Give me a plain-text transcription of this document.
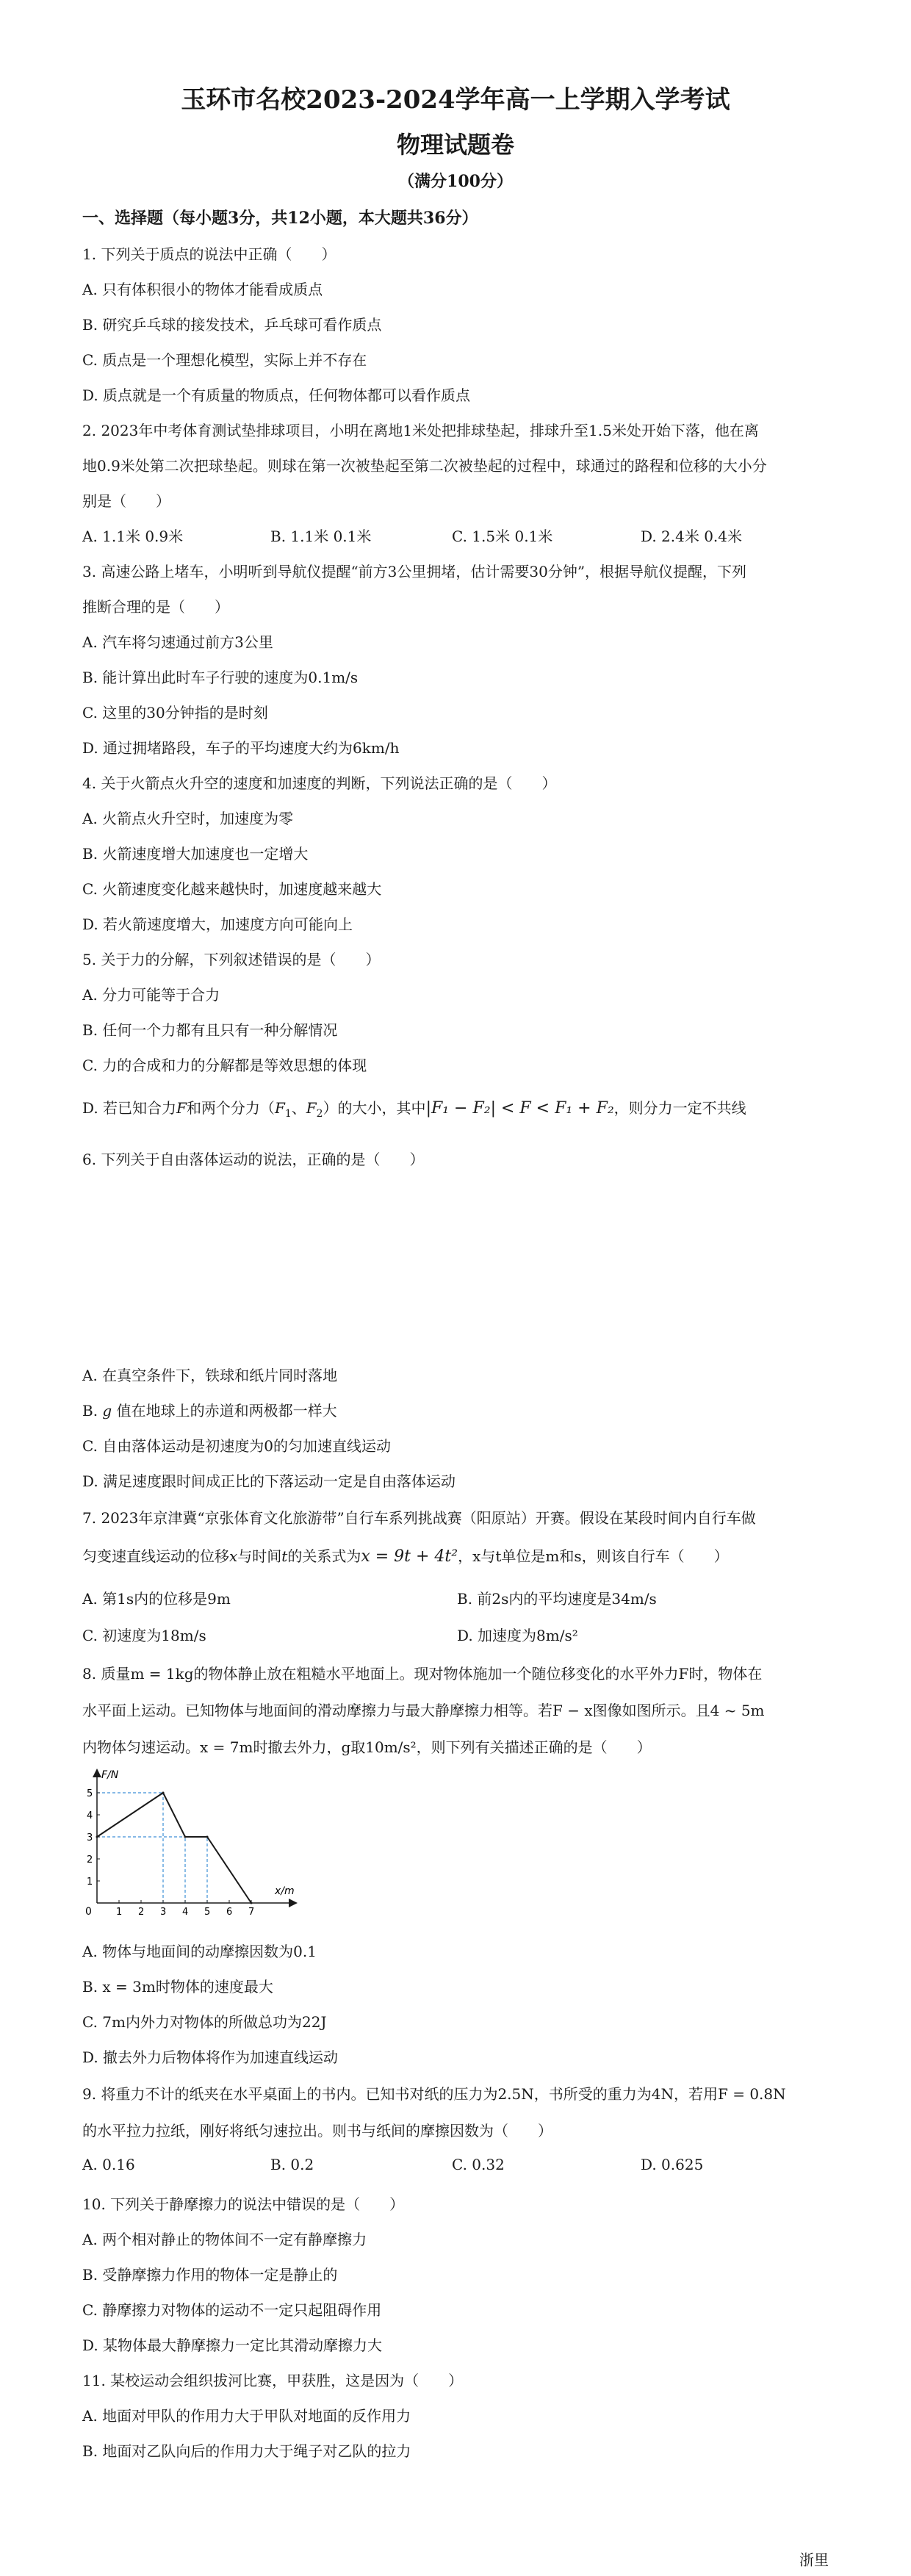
玉环市名校2023-2024学年高一上学期入学考试
物理试题卷
（满分100分）
一、选择题（每小题3分，共12小题，本大题共36分）
1. 下列关于质点的说法中正确（　　）
A. 只有体积很小的物体才能看成质点
B. 研究乒乓球的接发技术，乒乓球可看作质点
C. 质点是一个理想化模型，实际上并不存在
D. 质点就是一个有质量的物质点，任何物体都可以看作质点
2. 2023年中考体育测试垫排球项目，小明在离地1米处把排球垫起，排球升至1.5米处开始下落，他在离
地0.9米处第二次把球垫起。则球在第一次被垫起至第二次被垫起的过程中，球通过的路程和位移的大小分
别是（　　）
A. 1.1米 0.9米	B. 1.1米 0.1米	C. 1.5米 0.1米	D. 2.4米 0.4米
3. 高速公路上堵车，小明听到导航仪提醒“前方3公里拥堵，估计需要30分钟”，根据导航仪提醒，下列
推断合理的是（　　）
A. 汽车将匀速通过前方3公里
B. 能计算出此时车子行驶的速度为0.1m/s
C. 这里的30分钟指的是时刻
D. 通过拥堵路段，车子的平均速度大约为6km/h
4. 关于火箭点火升空的速度和加速度的判断，下列说法正确的是（　　）
A. 火箭点火升空时，加速度为零
B. 火箭速度增大加速度也一定增大
C. 火箭速度变化越来越快时，加速度越来越大
D. 若火箭速度增大，加速度方向可能向上
5. 关于力的分解，下列叙述错误的是（　　）
A. 分力可能等于合力
B. 任何一个力都有且只有一种分解情况
C. 力的合成和力的分解都是等效思想的体现
D. 若已知合力F和两个分力（$F_1$、$F_2$）的大小，其中|F₁ − F₂| < F < F₁ + F₂，则分力一定不共线
6. 下列关于自由落体运动的说法，正确的是（　　）
A. 在真空条件下，铁球和纸片同时落地
B. g 值在地球上的赤道和两极都一样大
C. 自由落体运动是初速度为0的匀加速直线运动
D. 满足速度跟时间成正比的下落运动一定是自由落体运动
7. 2023年京津冀“京张体育文化旅游带”自行车系列挑战赛（阳原站）开赛。假设在某段时间内自行车做
匀变速直线运动的位移x与时间t的关系式为x = 9t + 4t²，x与t单位是m和s，则该自行车（　　）
A. 第1s内的位移是9m	B. 前2s内的平均速度是34m/s
C. 初速度为18m/s	D. 加速度为8m/s²
8. 质量m = 1kg的物体静止放在粗糙水平地面上。现对物体施加一个随位移变化的水平外力F时，物体在
水平面上运动。已知物体与地面间的滑动摩擦力与最大静摩擦力相等。若F − x图像如图所示。且4 ~ 5m
内物体匀速运动。x = 7m时撤去外力，g取10m/s²，则下列有关描述正确的是（　　）
F/N
x/m
0	1 2 3 4 5 6 7
1
2
3
4
5
A. 物体与地面间的动摩擦因数为0.1
B. x = 3m时物体的速度最大
C. 7m内外力对物体的所做总功为22J
D. 撤去外力后物体将作为加速直线运动
9. 将重力不计的纸夹在水平桌面上的书内。已知书对纸的压力为2.5N，书所受的重力为4N，若用F = 0.8N
的水平拉力拉纸，刚好将纸匀速拉出。则书与纸间的摩擦因数为（　　）
A. 0.16	B. 0.2	C. 0.32	D. 0.625
10. 下列关于静摩擦力的说法中错误的是（　　）
A. 两个相对静止的物体间不一定有静摩擦力
B. 受静摩擦力作用的物体一定是静止的
C. 静摩擦力对物体的运动不一定只起阻碍作用
D. 某物体最大静摩擦力一定比其滑动摩擦力大
11. 某校运动会组织拔河比赛，甲获胜，这是因为（　　）
A. 地面对甲队的作用力大于甲队对地面的反作用力
B. 地面对乙队向后的作用力大于绳子对乙队的拉力
浙里
